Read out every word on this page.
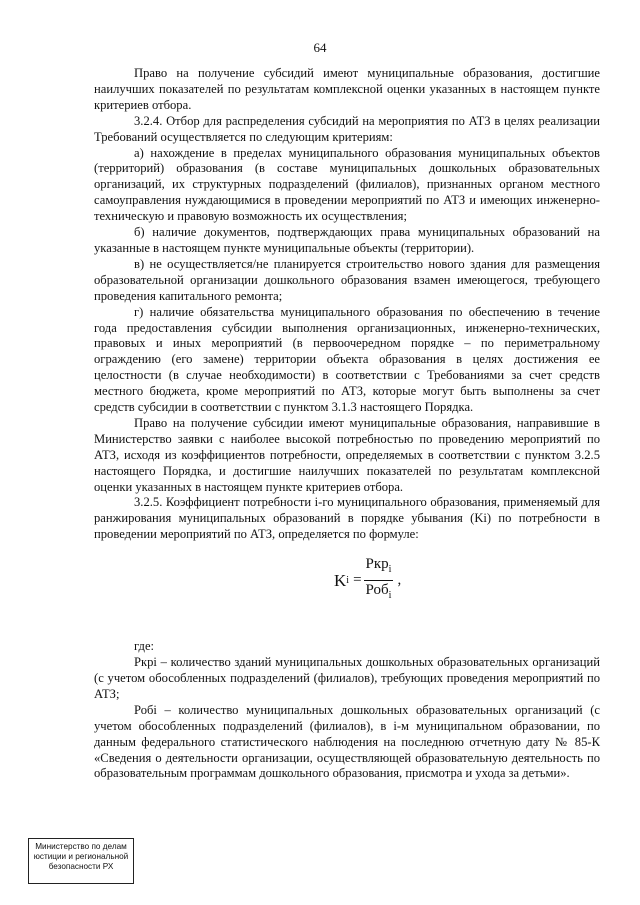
64

Право на получение субсидий имеют муниципальные образования, достигшие наилучших показателей по результатам комплексной оценки указанных в настоящем пункте критериев отбора.

3.2.4. Отбор для распределения субсидий на мероприятия по АТЗ в целях реализации Требований осуществляется по следующим критериям:

а) нахождение в пределах муниципального образования муниципальных объектов (территорий) образования (в составе муниципальных дошкольных образовательных организаций, их структурных подразделений (филиалов), признанных органом местного самоуправления нуждающимися в проведении мероприятий по АТЗ и имеющих инженерно-техническую и правовую возможность их осуществления;

б) наличие документов, подтверждающих права муниципальных образований на указанные в настоящем пункте муниципальные объекты (территории).

в) не осуществляется/не планируется строительство нового здания для размещения образовательной организации дошкольного образования взамен имеющегося, требующего проведения капитального ремонта;

г) наличие обязательства муниципального образования по обеспечению в течение года предоставления субсидии выполнения организационных, инженерно-технических, правовых и иных мероприятий (в первоочередном порядке – по периметральному ограждению (его замене) территории объекта образования в целях достижения ее целостности (в случае необходимости) в соответствии с Требованиями за счет средств местного бюджета, кроме мероприятий по АТЗ, которые могут быть выполнены за счет средств субсидии в соответствии с пунктом 3.1.3 настоящего Порядка.

Право на получение субсидии имеют муниципальные образования, направившие в Министерство заявки с наиболее высокой потребностью по проведению мероприятий по АТЗ, исходя из коэффициентов потребности, определяемых в соответствии с пунктом 3.2.5 настоящего Порядка, и достигшие наилучших показателей по результатам комплексной оценки указанных в настоящем пункте критериев отбора.

3.2.5. Коэффициент потребности i-го муниципального образования, применяемый для ранжирования муниципальных образований в порядке убывания (Ki) по потребности в проведении мероприятий по АТЗ, определяется по формуле:

K $i = \frac{Ркр_i}{Роб_i}$ ,

где:

Ркрi – количество зданий муниципальных дошкольных образовательных организаций (с учетом обособленных подразделений (филиалов), требующих проведения мероприятий по АТЗ;

Робi – количество муниципальных дошкольных образовательных организаций (с учетом обособленных подразделений (филиалов), в i-м муниципальном образовании, по данным федерального статистического наблюдения на последнюю отчетную дату № 85-К «Сведения о деятельности организации, осуществляющей образовательную деятельность по образовательным программам дошкольного образования, присмотра и ухода за детьми».

Министерство по делам
юстиции и региональной
безопасности РХ
